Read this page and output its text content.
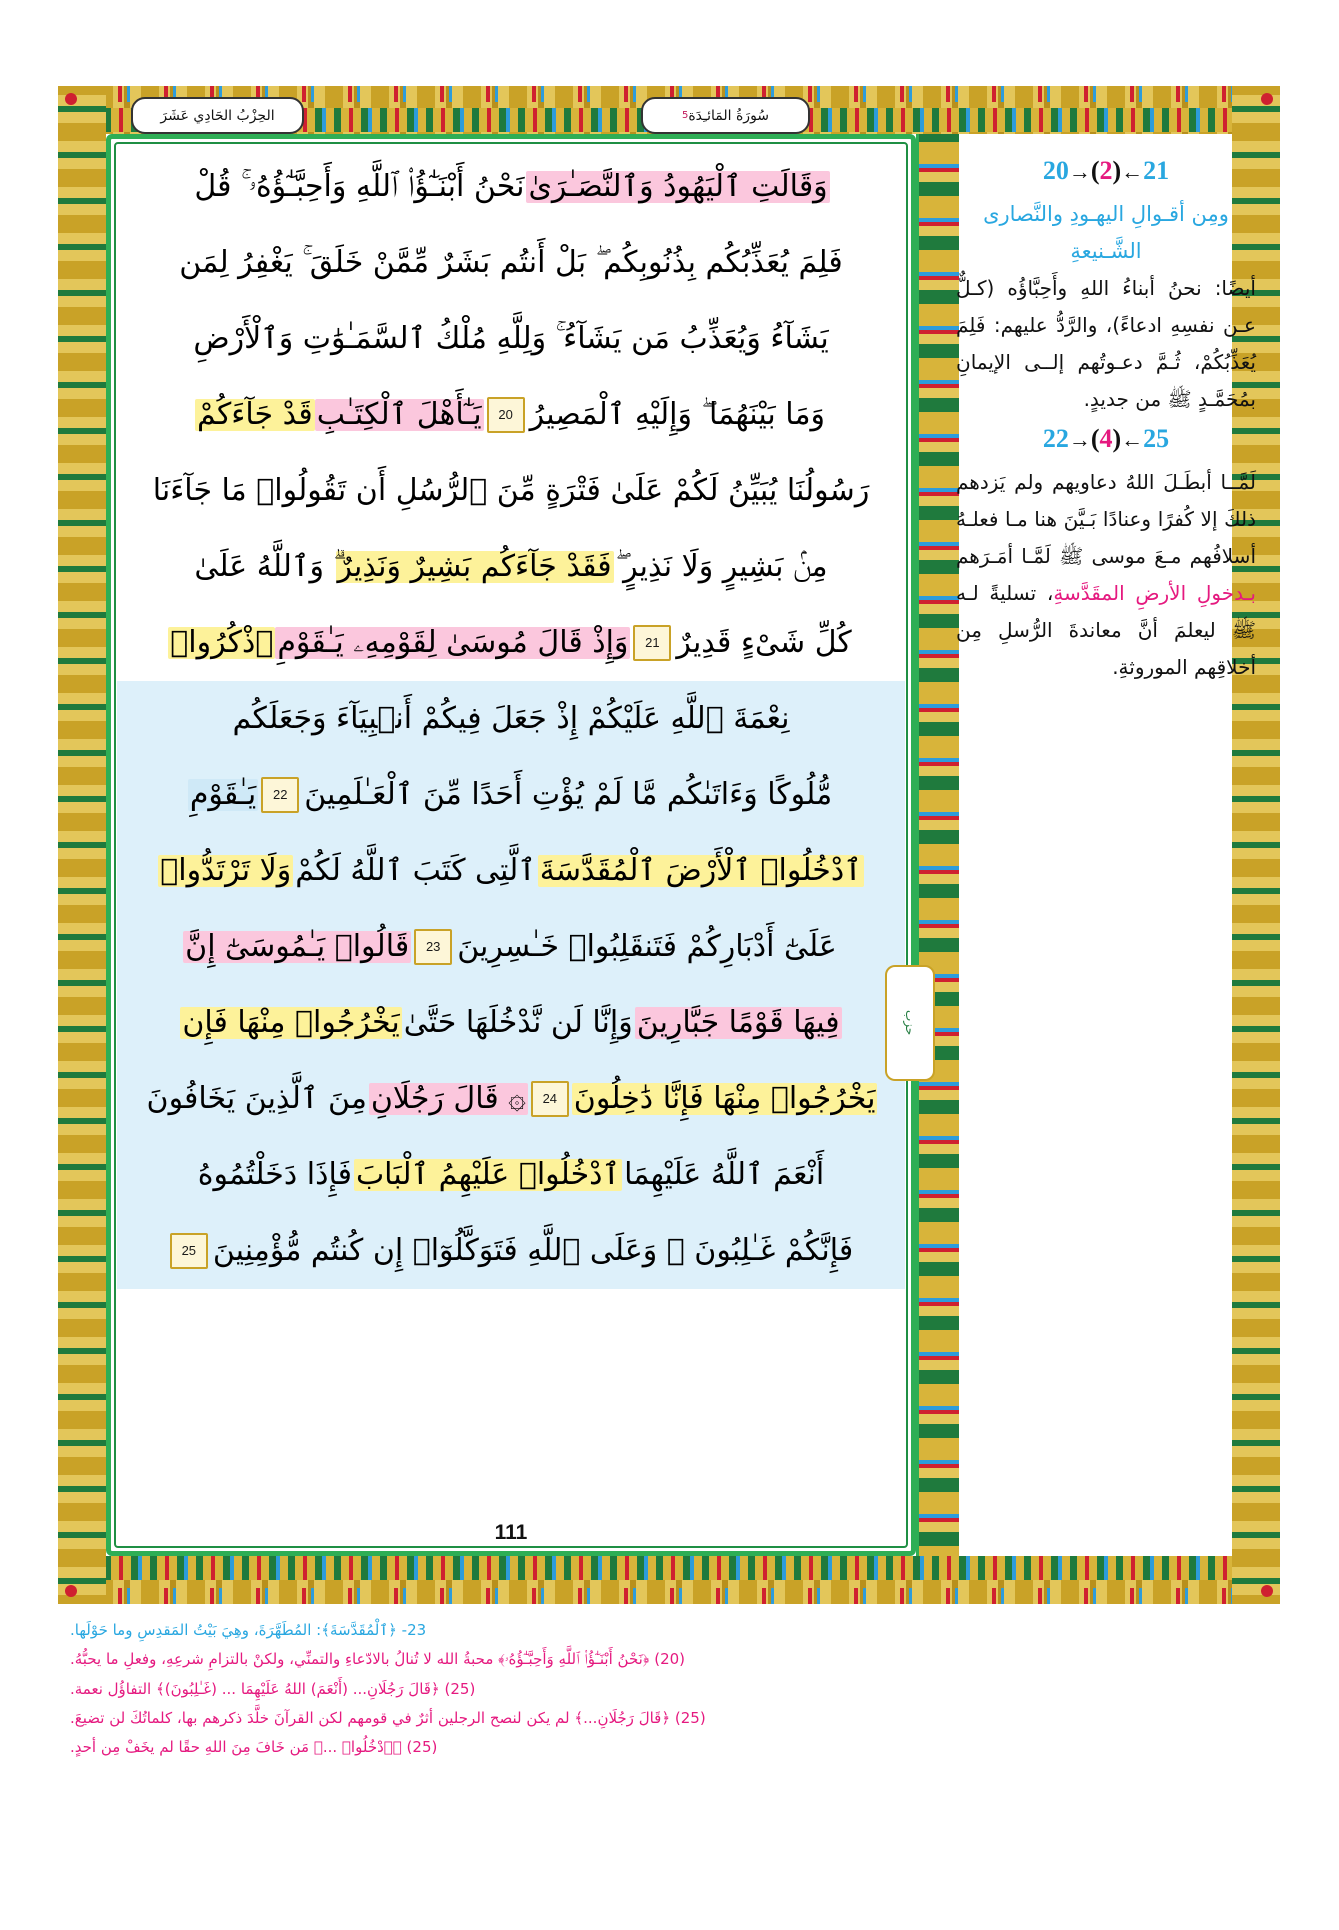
الحِزْبُ الحَادِي عَشَرَ	سُورَةُ المَائـِدَة
5
وَقَالَتِ ٱلْيَهُودُ وَٱلنَّصَـٰرَىٰ
نَحْنُ أَبْنَـٰٓؤُا۟ ٱللَّهِ وَأَحِبَّـٰٓؤُهُۥ ۚ قُلْ
فَلِمَ يُعَذِّبُكُم بِذُنُوبِكُم ۖ بَلْ أَنتُم بَشَرٌ مِّمَّنْ خَلَقَ ۚ يَغْفِرُ لِمَن
يَشَآءُ وَيُعَذِّبُ مَن يَشَآءُ ۚ وَلِلَّهِ مُلْكُ ٱلسَّمَـٰوَٰتِ وَٱلْأَرْضِ
وَمَا بَيْنَهُمَا ۖ وَإِلَيْهِ ٱلْمَصِيرُ
20
يَـٰٓأَهْلَ ٱلْكِتَـٰبِ
قَدْ جَآءَكُمْ
رَسُولُنَا يُبَيِّنُ لَكُمْ عَلَىٰ فَتْرَةٍ مِّنَ ٱلرُّسُلِ أَن تَقُولُوا۟ مَا جَآءَنَا
مِنۢ بَشِيرٍ وَلَا نَذِيرٍ ۖ
فَقَدْ جَآءَكُم بَشِيرٌ وَنَذِيرٌ
ۗ وَٱللَّهُ عَلَىٰ
كُلِّ شَىْءٍ قَدِيرٌ
21
وَإِذْ قَالَ مُوسَىٰ لِقَوْمِهِۦ يَـٰقَوْمِ
ٱذْكُرُوا۟
نِعْمَةَ ٱللَّهِ عَلَيْكُمْ إِذْ جَعَلَ فِيكُمْ أَنۢبِيَآءَ وَجَعَلَكُم
مُّلُوكًا وَءَاتَىٰكُم مَّا لَمْ يُؤْتِ أَحَدًا مِّنَ ٱلْعَـٰلَمِينَ
22
يَـٰقَوْمِ
ٱدْخُلُوا۟ ٱلْأَرْضَ ٱلْمُقَدَّسَةَ
ٱلَّتِى كَتَبَ ٱللَّهُ لَكُمْ
وَلَا تَرْتَدُّوا۟
عَلَىٰٓ أَدْبَارِكُمْ فَتَنقَلِبُوا۟ خَـٰسِرِينَ
23
قَالُوا۟ يَـٰمُوسَىٰٓ إِنَّ
فِيهَا قَوْمًا جَبَّارِينَ
وَإِنَّا لَن نَّدْخُلَهَا حَتَّىٰ
يَخْرُجُوا۟ مِنْهَا فَإِن
يَخْرُجُوا۟ مِنْهَا فَإِنَّا دَٰخِلُونَ
24
۞ قَالَ رَجُلَانِ
مِنَ ٱلَّذِينَ يَخَافُونَ
أَنْعَمَ ٱللَّهُ عَلَيْهِمَا
ٱدْخُلُوا۟ عَلَيْهِمُ ٱلْبَابَ
فَإِذَا دَخَلْتُمُوهُ
فَإِنَّكُمْ غَـٰلِبُونَ ۚ وَعَلَى ٱللَّهِ فَتَوَكَّلُوٓا۟ إِن كُنتُم مُّؤْمِنِينَ
25
111
حزب
21←(2)→20
ومِن أقـوالِ اليهـودِ والنَّصارى الشَّـنيعةِ
أيضًا: نحنُ أبناءُ اللهِ وأَحِبَّاؤُه (كـلٌّ عـن نفسِهِ ادعاءً)، والرَّدُّ عليهم: فَلِمَ يُعَذِّبُكُمْ، ثُـمَّ دعـوتُهم إلــى الإيمانِ بمُحَمَّـدٍ ﷺ من جديدٍ.
25←(4)→22
لَمَّــا أبطَـلَ اللهُ دعاويهم ولم يَزدهم ذلكَ إلا كُفرًا وعنادًا بَـيَّنَ هنا مـا فعلـهُ أسلافُهم مـعَ موسى ﷺ لَمَّـا أمَـرَهم بـدخولِ الأرضِ المقَدَّسةِ، تسليةً لـه ﷺ ليعلمَ أنَّ معاندةَ الرُّسلِ مِن أخلاقِهم الموروثةِ.
23- ﴿ٱلْمُقَدَّسَةَ﴾: المُطَهَّرَةَ، وهِيَ بَيْتُ المَقدِسِ وما حَوْلَها.
(20) ﴿نَحْنُ أَبْنَـٰٓؤُا۟ ٱللَّهِ وَأَحِبَّـٰٓؤُهُۥ﴾ محبةُ الله لا تُنالُ بالادّعاءِ والتمنِّي، ولكنْ بالتزامِ شرعِهِ، وفعلِ ما يحبُّهُ.
(25) ﴿قَالَ رَجُلَانِ... (أَنْعَمَ) اللهُ عَلَيْهِمَا ... (غَـٰلِبُونَ)﴾ التفاؤُل نعمة.
(25) ﴿قَالَ رَجُلَانِ...﴾ لم يكن لنصح الرجلين أثرٌ في قومهم لكن القرآنَ خلَّدَ ذكرهم بها، كلماتُكَ لن تضيعَ.
(25) ﴿ٱدْخُلُوا۟ ...﴾ مَن خَافَ مِنَ اللهِ حقًا لم يخَفْ مِن أحدٍ.
